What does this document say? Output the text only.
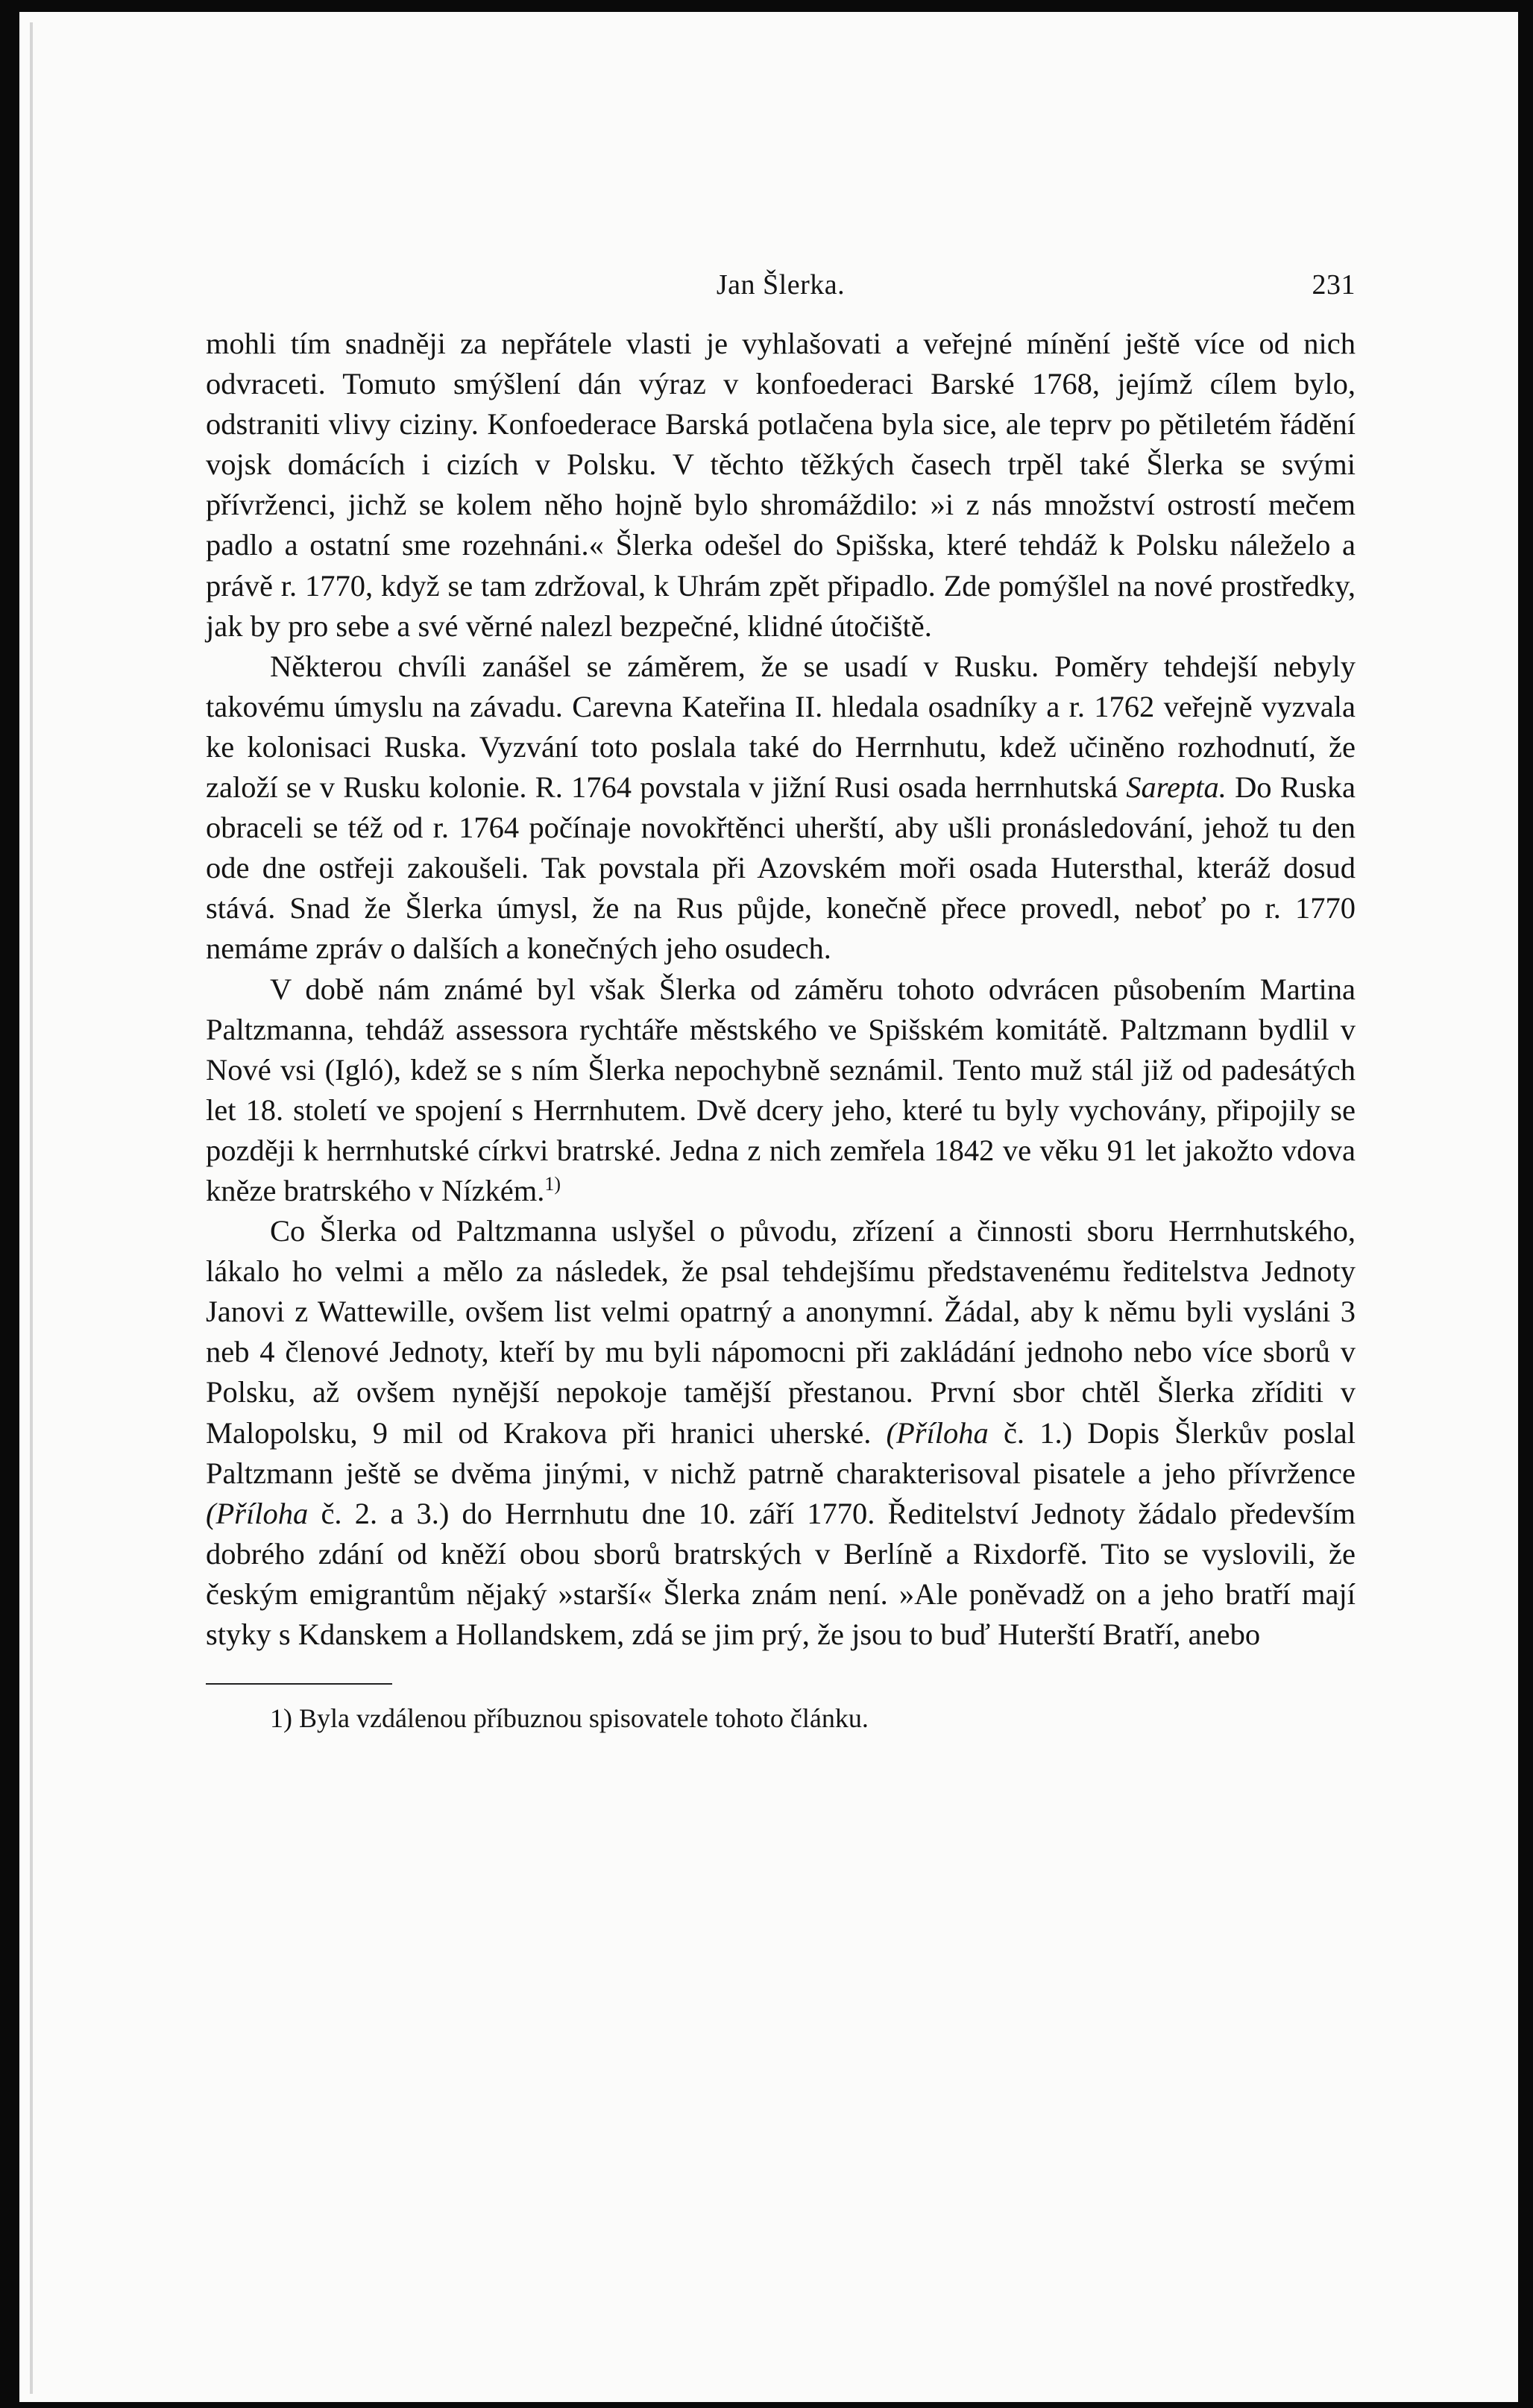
Jan Šlerka.	231

mohli tím snadněji za nepřátele vlasti je vyhlašovati a veřejné mínění ještě více od nich odvraceti. Tomuto smýšlení dán výraz v konfoederaci Barské 1768, jejímž cílem bylo, odstraniti vlivy ciziny. Konfoederace Barská potlačena byla sice, ale teprv po pětiletém řádění vojsk domácích i cizích v Polsku. V těchto těžkých časech trpěl také Šlerka se svými přívrženci, jichž se kolem něho hojně bylo shromáždilo: »i z nás množství ostrostí mečem padlo a ostatní sme rozehnáni.« Šlerka odešel do Spišska, které tehdáž k Polsku náleželo a právě r. 1770, když se tam zdržoval, k Uhrám zpět připadlo. Zde pomýšlel na nové prostředky, jak by pro sebe a své věrné nalezl bezpečné, klidné útočiště.

Některou chvíli zanášel se záměrem, že se usadí v Rusku. Poměry tehdejší nebyly takovému úmyslu na závadu. Carevna Kateřina II. hledala osadníky a r. 1762 veřejně vyzvala ke kolonisaci Ruska. Vyzvání toto poslala také do Herrnhutu, kdež učiněno rozhodnutí, že založí se v Rusku kolonie. R. 1764 povstala v jižní Rusi osada herrnhutská Sarepta. Do Ruska obraceli se též od r. 1764 počínaje novokřtěnci uherští, aby ušli pronásledování, jehož tu den ode dne ostřeji zakoušeli. Tak povstala při Azovském moři osada Hutersthal, kteráž dosud stává. Snad že Šlerka úmysl, že na Rus půjde, konečně přece provedl, neboť po r. 1770 nemáme zpráv o dalších a konečných jeho osudech.

V době nám známé byl však Šlerka od záměru tohoto odvrácen působením Martina Paltzmanna, tehdáž assessora rychtáře městského ve Spišském komitátě. Paltzmann bydlil v Nové vsi (Igló), kdež se s ním Šlerka nepochybně seznámil. Tento muž stál již od padesátých let 18. století ve spojení s Herrnhutem. Dvě dcery jeho, které tu byly vychovány, připojily se později k herrnhutské církvi bratrské. Jedna z nich zemřela 1842 ve věku 91 let jakožto vdova kněze bratrského v Nízkém.$^{1)}$

Co Šlerka od Paltzmanna uslyšel o původu, zřízení a činnosti sboru Herrnhutského, lákalo ho velmi a mělo za následek, že psal tehdejšímu představenému ředitelstva Jednoty Janovi z Wattewille, ovšem list velmi opatrný a anonymní. Žádal, aby k němu byli vysláni 3 neb 4 členové Jednoty, kteří by mu byli nápomocni při zakládání jednoho nebo více sborů v Polsku, až ovšem nynější nepokoje tamější přestanou. První sbor chtěl Šlerka zříditi v Malopolsku, 9 mil od Krakova při hranici uherské. (Příloha č. 1.) Dopis Šlerkův poslal Paltzmann ještě se dvěma jinými, v nichž patrně charakterisoval pisatele a jeho přívržence (Příloha č. 2. a 3.) do Herrnhutu dne 10. září 1770. Ředitelství Jednoty žádalo především dobrého zdání od kněží obou sborů bratrských v Berlíně a Rixdorfě. Tito se vyslovili, že českým emigrantům nějaký »starší« Šlerka znám není. »Ale poněvadž on a jeho bratří mají styky s Kdanskem a Hollandskem, zdá se jim prý, že jsou to buď Huterští Bratří, anebo

1) Byla vzdálenou příbuznou spisovatele tohoto článku.
